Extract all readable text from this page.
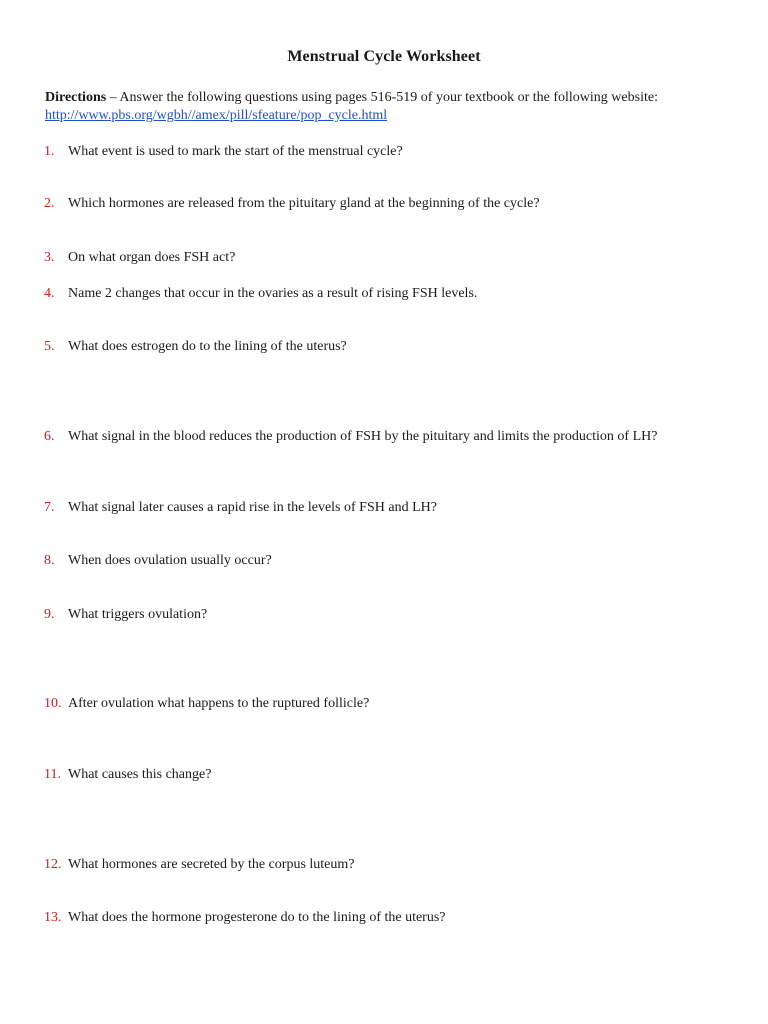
Menstrual Cycle Worksheet
Directions – Answer the following questions using pages 516-519 of your textbook or the following website:
http://www.pbs.org/wgbh//amex/pill/sfeature/pop_cycle.html
1. What event is used to mark the start of the menstrual cycle?
2. Which hormones are released from the pituitary gland at the beginning of the cycle?
3. On what organ does FSH act?
4. Name 2 changes that occur in the ovaries as a result of rising FSH levels.
5. What does estrogen do to the lining of the uterus?
6. What signal in the blood reduces the production of FSH by the pituitary and limits the production of LH?
7. What signal later causes a rapid rise in the levels of FSH and LH?
8. When does ovulation usually occur?
9. What triggers ovulation?
10. After ovulation what happens to the ruptured follicle?
11. What causes this change?
12. What hormones are secreted by the corpus luteum?
13. What does the hormone progesterone do to the lining of the uterus?
